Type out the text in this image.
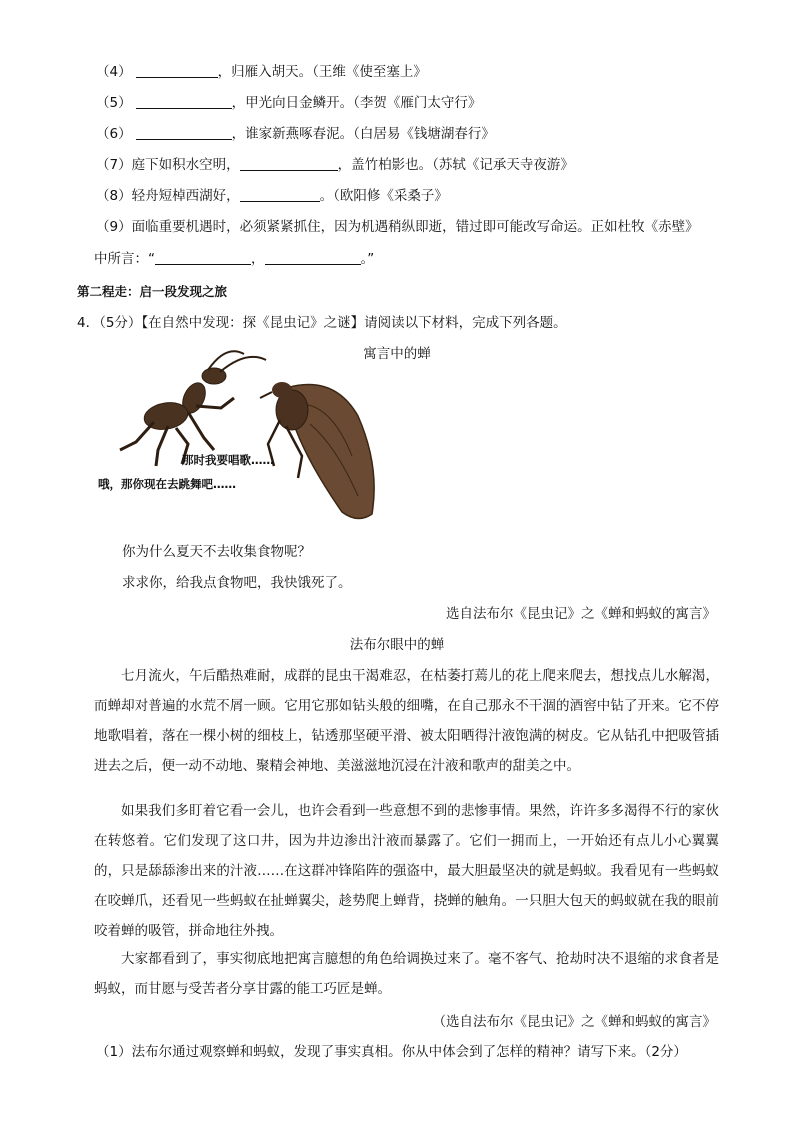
（4）	，归雁入胡天。（王维《使至塞上》
（5）	，甲光向日金鳞开。（李贺《雁门太守行》
（6）	，谁家新燕啄春泥。（白居易《钱塘湖春行》
（7）庭下如积水空明，	，盖竹柏影也。（苏轼《记承天寺夜游》
（8）轻舟短棹西湖好，	。（欧阳修《采桑子》
（9）面临重要机遇时，必须紧紧抓住，因为机遇稍纵即逝，错过即可能改写命运。正如杜牧《赤壁》
中所言：“	，	。”
第二程走：启一段发现之旅
4．（5分）【在自然中发现：探《昆虫记》之谜】请阅读以下材料，完成下列各题。
寓言中的蝉
那时我要唱歌……
哦，那你现在去跳舞吧……
你为什么夏天不去收集食物呢？
求求你，给我点食物吧，我快饿死了。
选自法布尔《昆虫记》之《蝉和蚂蚁的寓言》
法布尔眼中的蝉
七月流火，午后酷热难耐，成群的昆虫干渴难忍，在枯萎打蔫儿的花上爬来爬去，想找点儿水解渴，而蝉却对普遍的水荒不屑一顾。它用它那如钻头般的细嘴，在自己那永不干涸的酒窖中钻了开来。它不停地歌唱着，落在一棵小树的细枝上，钻透那坚硬平滑、被太阳晒得汁液饱满的树皮。它从钻孔中把吸管插进去之后，便一动不动地、聚精会神地、美滋滋地沉浸在汁液和歌声的甜美之中。
如果我们多盯着它看一会儿，也许会看到一些意想不到的悲惨事情。果然，许许多多渴得不行的家伙在转悠着。它们发现了这口井，因为井边渗出汁液而暴露了。它们一拥而上，一开始还有点儿小心翼翼的，只是舔舔渗出来的汁液……在这群冲锋陷阵的强盗中，最大胆最坚决的就是蚂蚁。我看见有一些蚂蚁在咬蝉爪，还看见一些蚂蚁在扯蝉翼尖，趁势爬上蝉背，挠蝉的触角。一只胆大包天的蚂蚁就在我的眼前咬着蝉的吸管，拼命地往外拽。
大家都看到了，事实彻底地把寓言臆想的角色给调换过来了。毫不客气、抢劫时决不退缩的求食者是蚂蚁，而甘愿与受苦者分享甘露的能工巧匠是蝉。
（选自法布尔《昆虫记》之《蝉和蚂蚁的寓言》
（1）法布尔通过观察蝉和蚂蚁，发现了事实真相。你从中体会到了怎样的精神？请写下来。（2分）
